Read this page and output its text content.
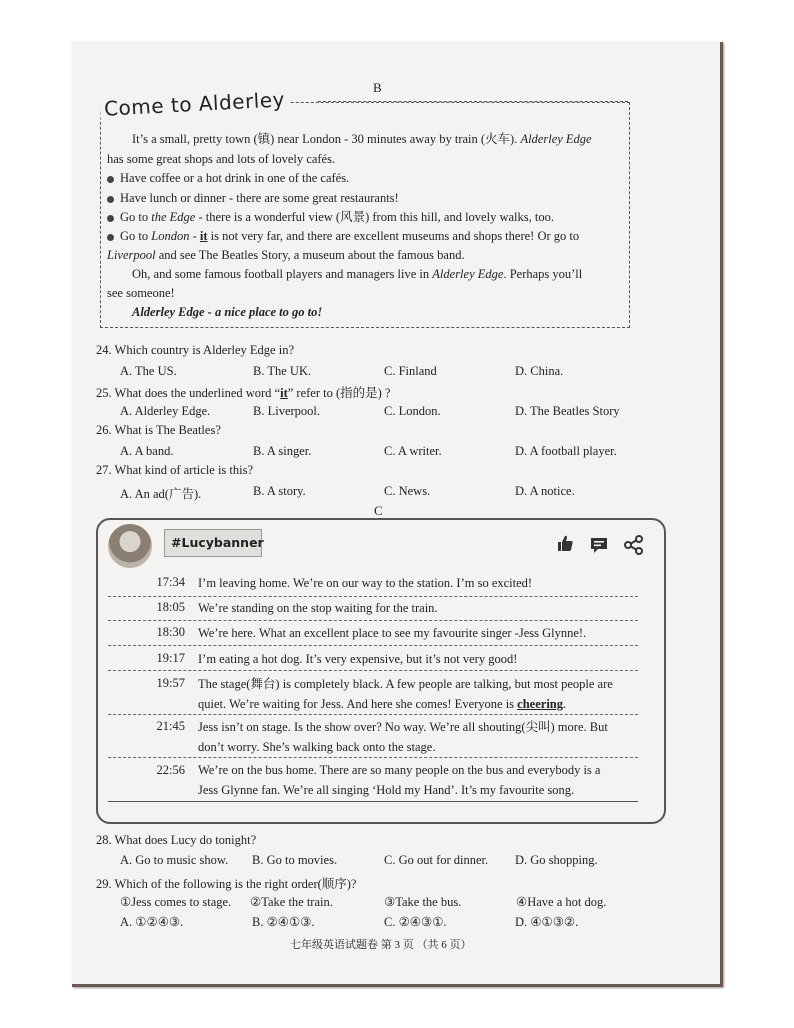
B
Come to Alderley
It’s a small, pretty town (镇) near London - 30 minutes away by train (火车). Alderley Edge
has some great shops and lots of lovely cafés.
Have coffee or a hot drink in one of the cafés.
Have lunch or dinner - there are some great restaurants!
Go to the Edge - there is a wonderful view (风景) from this hill, and lovely walks, too.
Go to London - it is not very far, and there are excellent museums and shops there! Or go to
Liverpool and see The Beatles Story, a museum about the famous band.
Oh, and some famous football players and managers live in Alderley Edge. Perhaps you’ll
see someone!
Alderley Edge - a nice place to go to!
24. Which country is Alderley Edge in?
A. The US.	B. The UK.	C. Finland	D. China.
25. What does the underlined word “it” refer to (指的是) ?
A. Alderley Edge.	B. Liverpool.	C. London.	D. The Beatles Story
26. What is The Beatles?
A. A band.	B. A singer.	C. A writer.	D. A football player.
27. What kind of article is this?
A. An ad(广告).	B. A story.	C. News.	D. A notice.
C
#Lucybanner
17:34 I’m leaving home. We’re on our way to the station. I’m so excited!
18:05 We’re standing on the stop waiting for the train.
18:30 We’re here. What an excellent place to see my favourite singer -Jess Glynne!.
19:17 I’m eating a hot dog. It’s very expensive, but it’s not very good!
19:57 The stage(舞台) is completely black. A few people are talking, but most people are
quiet. We’re waiting for Jess. And here she comes! Everyone is cheering.
21:45 Jess isn’t on stage. Is the show over? No way. We’re all shouting(尖叫) more. But
don’t worry. She’s walking back onto the stage.
22:56 We’re on the bus home. There are so many people on the bus and everybody is a
Jess Glynne fan. We’re all singing ‘Hold my Hand’. It’s my favourite song.
28. What does Lucy do tonight?
A. Go to music show. B. Go to movies.	C. Go out for dinner. D. Go shopping.
29. Which of the following is the right order(顺序)?
①Jess comes to stage. ②Take the train.	③Take the bus.	④Have a hot dog.
A. ①②④③.	B. ②④①③.	C. ②④③①.	D. ④①③②.
七年级英语试题卷 第 3 页 （共 6 页）
